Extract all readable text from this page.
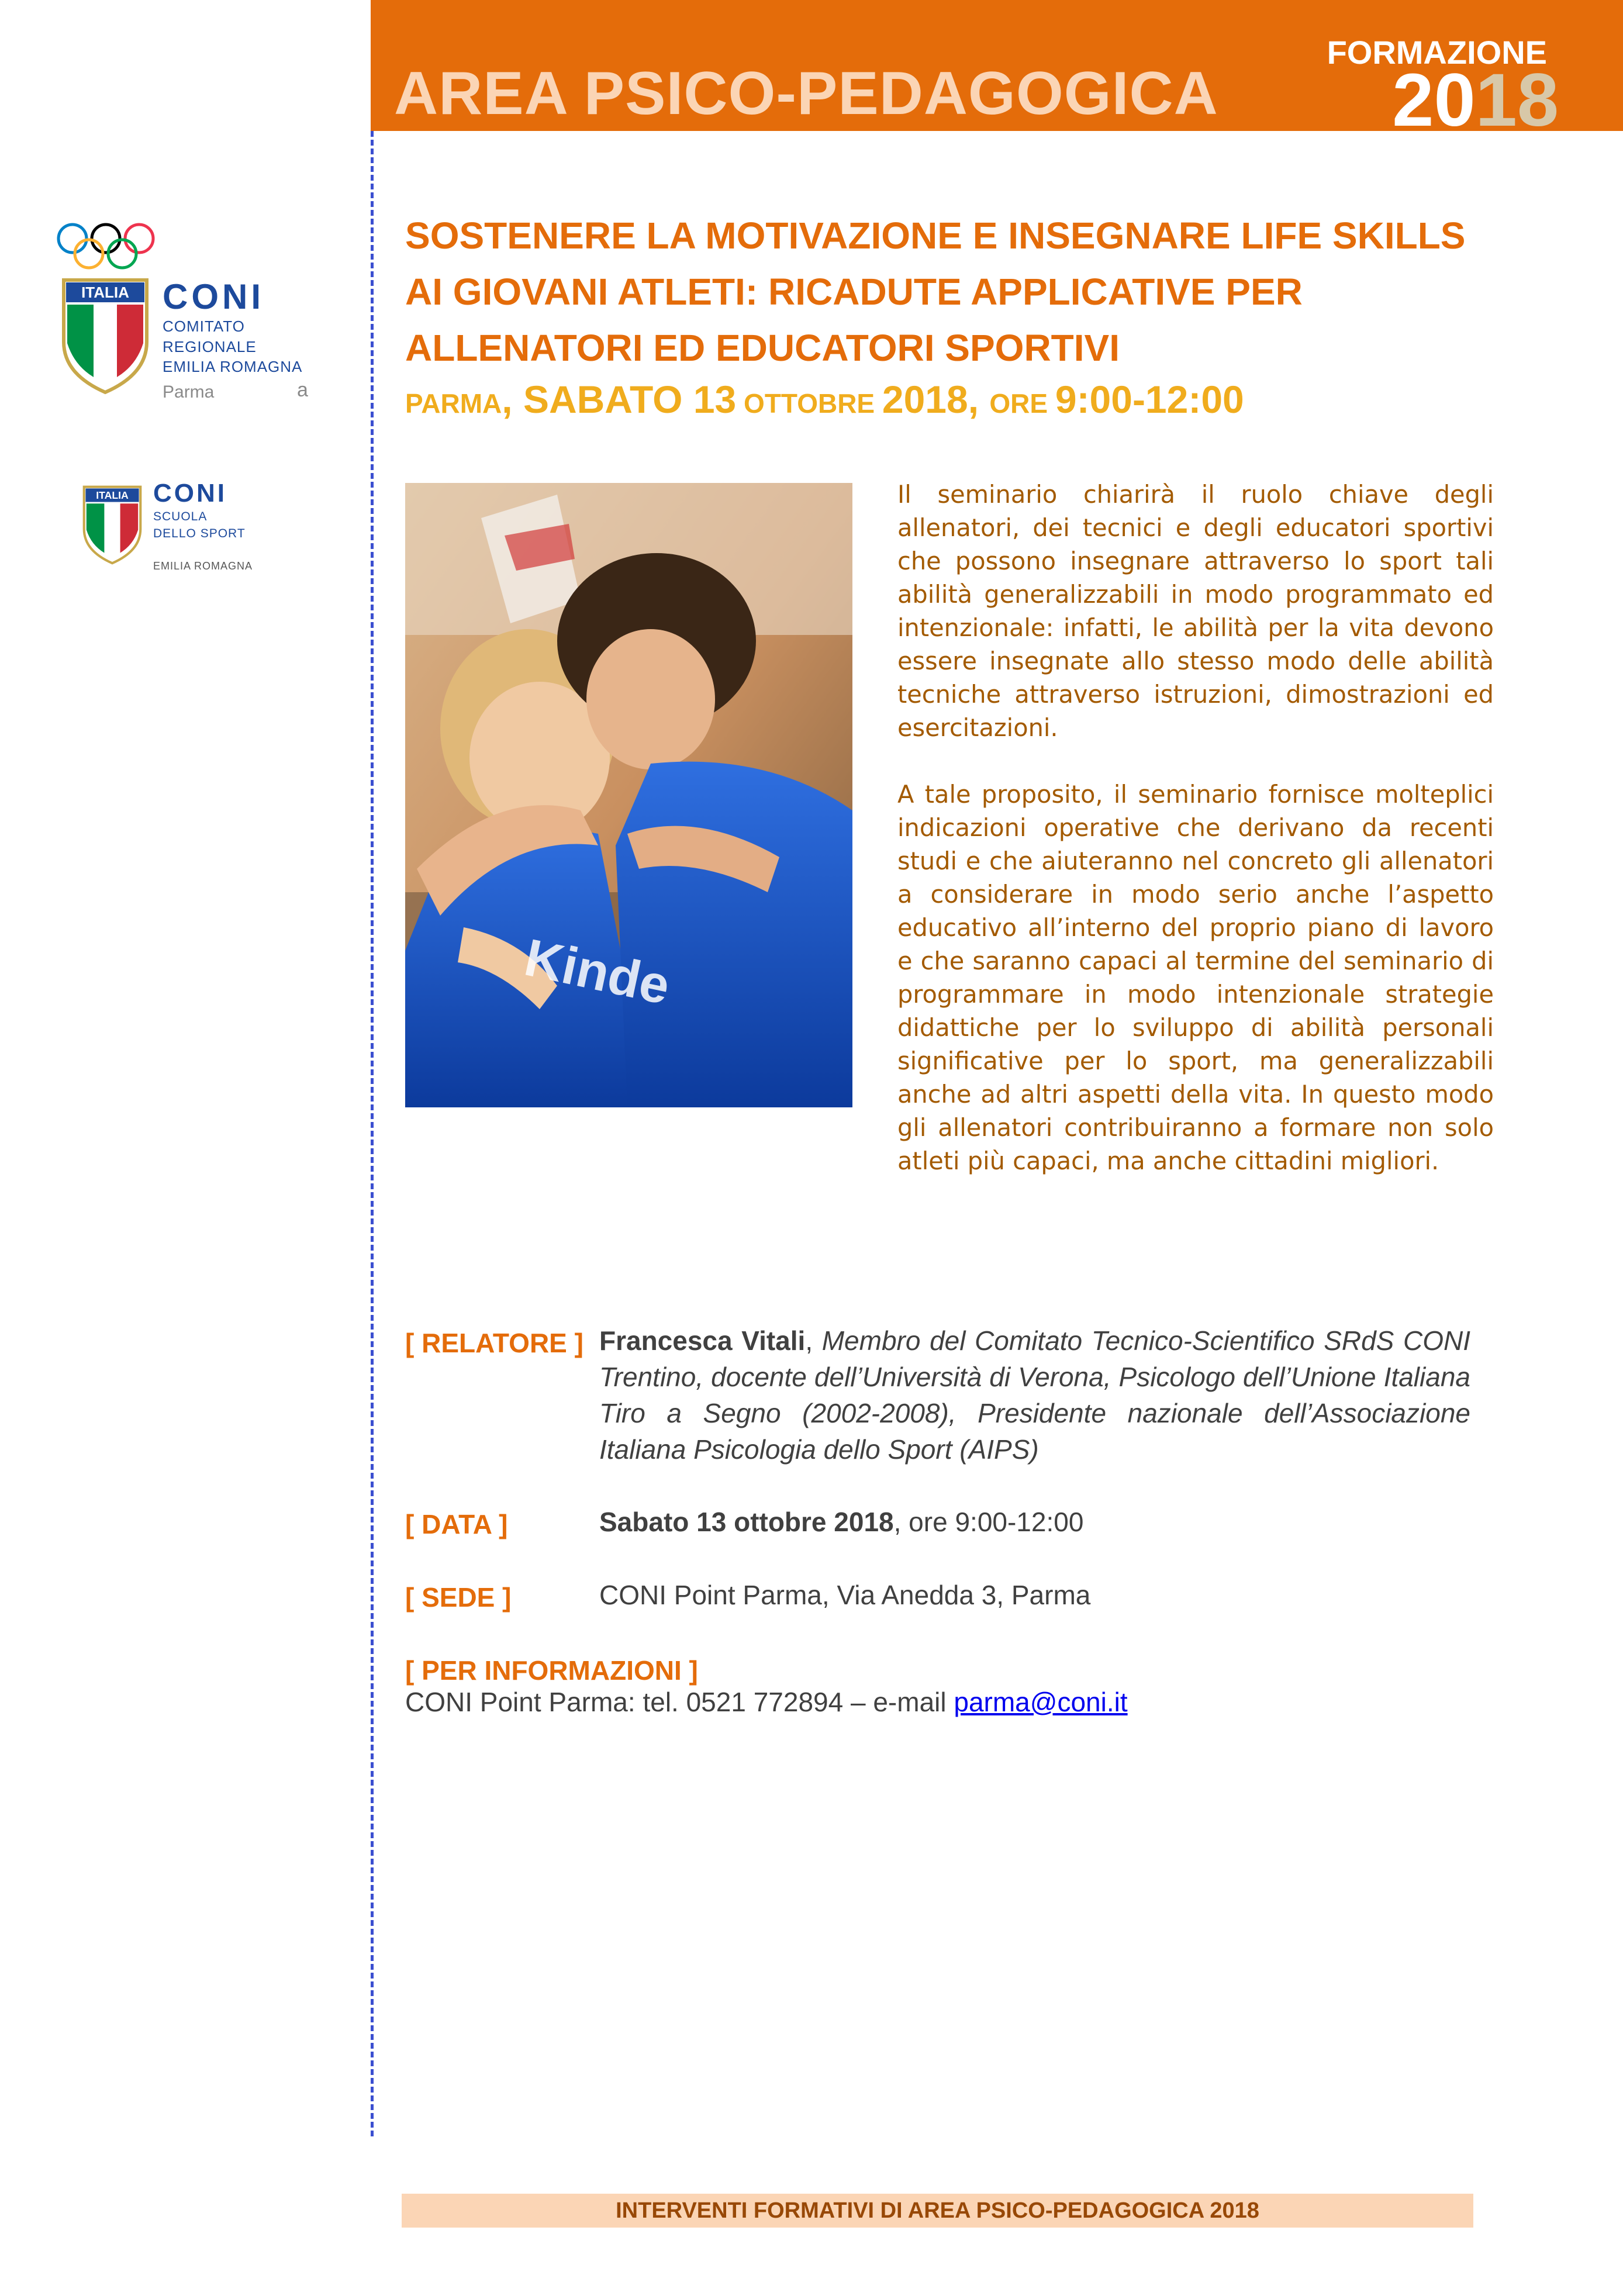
AREA PSICO-PEDAGOGICA
FORMAZIONE
2018
ITALIA CONI
COMITATO
REGIONALE
EMILIA ROMAGNA
Parma	a
ITALIA CONI
SCUOLA
DELLO SPORT
EMILIA ROMAGNA
SOSTENERE LA MOTIVAZIONE E INSEGNARE LIFE SKILLS
AI GIOVANI ATLETI: RICADUTE APPLICATIVE PER
ALLENATORI ED EDUCATORI SPORTIVI
PARMA, SABATO 13 OTTOBRE 2018, ORE 9:00-12:00
Kinde

Il seminario chiarirà il ruolo chiave degli allenatori, dei tecnici e degli educatori sportivi che possono insegnare attraverso lo sport tali abilità generalizzabili in modo programmato ed intenzionale: infatti, le abilità per la vita devono essere insegnate allo stesso modo delle abilità tecniche attraverso istruzioni, dimostrazioni ed esercitazioni.

A tale proposito, il seminario fornisce molteplici indicazioni operative che derivano da recenti studi e che aiuteranno nel concreto gli allenatori a considerare in modo serio anche l’aspetto educativo all’interno del proprio piano di lavoro e che saranno capaci al termine del seminario di programmare in modo intenzionale strategie didattiche per lo sviluppo di abilità personali significative per lo sport, ma generalizzabili anche ad altri aspetti della vita. In questo modo gli allenatori contribuiranno a formare non solo atleti più capaci, ma anche cittadini migliori.

[ RELATORE ] Francesca Vitali, Membro del Comitato Tecnico-Scientifico SRdS CONI Trentino, docente dell’Università di Verona, Psicologo dell’Unione Italiana Tiro a Segno (2002-2008), Presidente nazionale dell’Associazione Italiana Psicologia dello Sport (AIPS)
[ DATA ]	Sabato 13 ottobre 2018, ore 9:00-12:00
[ SEDE ]	CONI Point Parma, Via Anedda 3, Parma
[ PER INFORMAZIONI ]
CONI Point Parma: tel. 0521 772894 – e-mail parma@coni.it
INTERVENTI FORMATIVI DI AREA PSICO-PEDAGOGICA 2018
